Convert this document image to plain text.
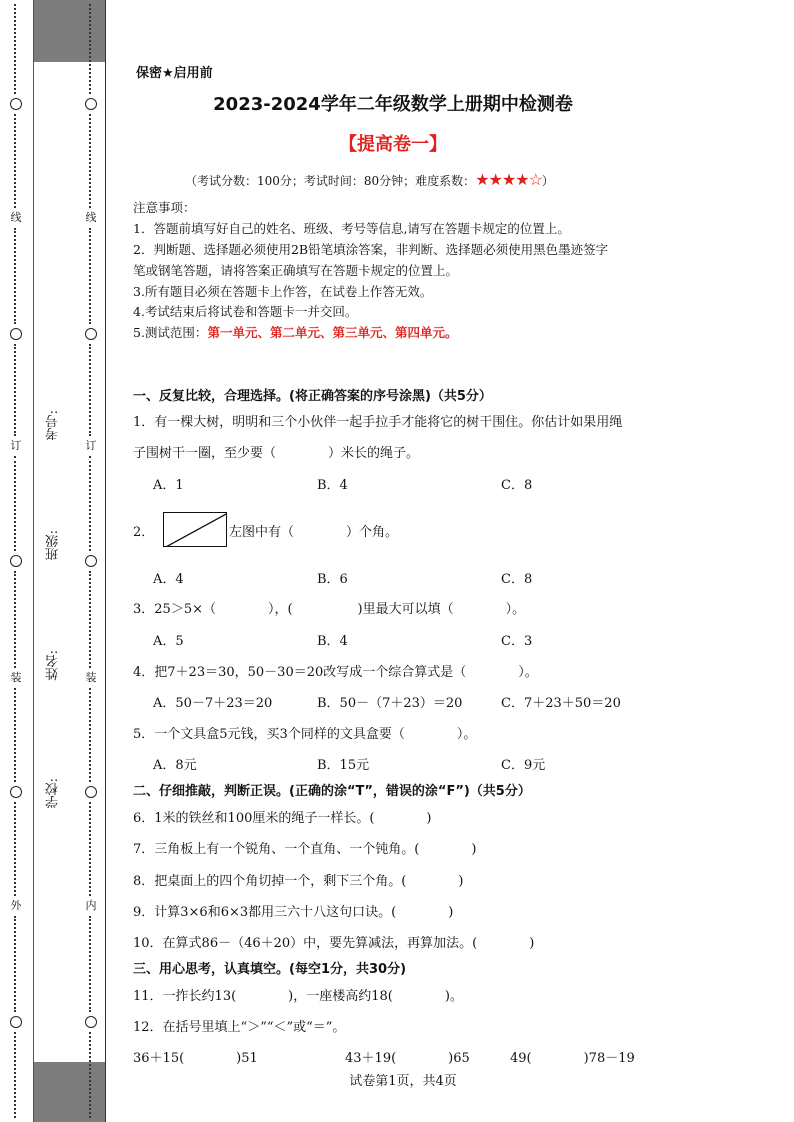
线
订
装
外
线
订
装
内
考号:
班级:
姓名:
学校:
保密★启用前
2023-2024学年二年级数学上册期中检测卷
【提高卷一】
（考试分数：100分；考试时间：80分钟；难度系数：★★★★☆）
注意事项：
1．答题前填写好自己的姓名、班级、考号等信息,请写在答题卡规定的位置上。
2．判断题、选择题必须使用2B铅笔填涂答案，非判断、选择题必须使用黑色墨迹签字
笔或钢笔答题，请将答案正确填写在答题卡规定的位置上。
3.所有题目必须在答题卡上作答，在试卷上作答无效。
4.考试结束后将试卷和答题卡一并交回。
5.测试范围：第一单元、第二单元、第三单元、第四单元。
一、反复比较，合理选择。(将正确答案的序号涂黑)（共5分）
1．有一棵大树，明明和三个小伙伴一起手拉手才能将它的树干围住。你估计如果用绳
子围树干一圈，至少要（　　　　）米长的绳子。
A．1	B．4	C．8
2．	左图中有（　　　　）个角。
A．4	B．6	C．8
3．25＞5×（　　　　），(　　　　　)里最大可以填（　　　　）。
A．5	B．4	C．3
4．把7＋23＝30，50－30＝20改写成一个综合算式是（　　　　）。
A．50－7＋23＝20	B．50－（7＋23）＝20	C．7＋23＋50＝20
5．一个文具盒5元钱，买3个同样的文具盒要（　　　　）。
A．8元	B．15元	C．9元
二、仔细推敲，判断正误。(正确的涂“T”，错误的涂“F”)（共5分）
6．1米的铁丝和100厘米的绳子一样长。(　　　　)
7．三角板上有一个锐角、一个直角、一个钝角。(　　　　)
8．把桌面上的四个角切掉一个，剩下三个角。(　　　　)
9．计算3×6和6×3都用三六十八这句口诀。(　　　　)
10．在算式86－（46＋20）中，要先算减法，再算加法。(　　　　)
三、用心思考，认真填空。(每空1分，共30分)
11．一拃长约13(　　　　)，一座楼高约18(　　　　)。
12．在括号里填上“＞”“＜”或“＝”。
36＋15(　　　　)51	43＋19(　　　　)65	49(　　　　)78－19
试卷第1页，共4页
